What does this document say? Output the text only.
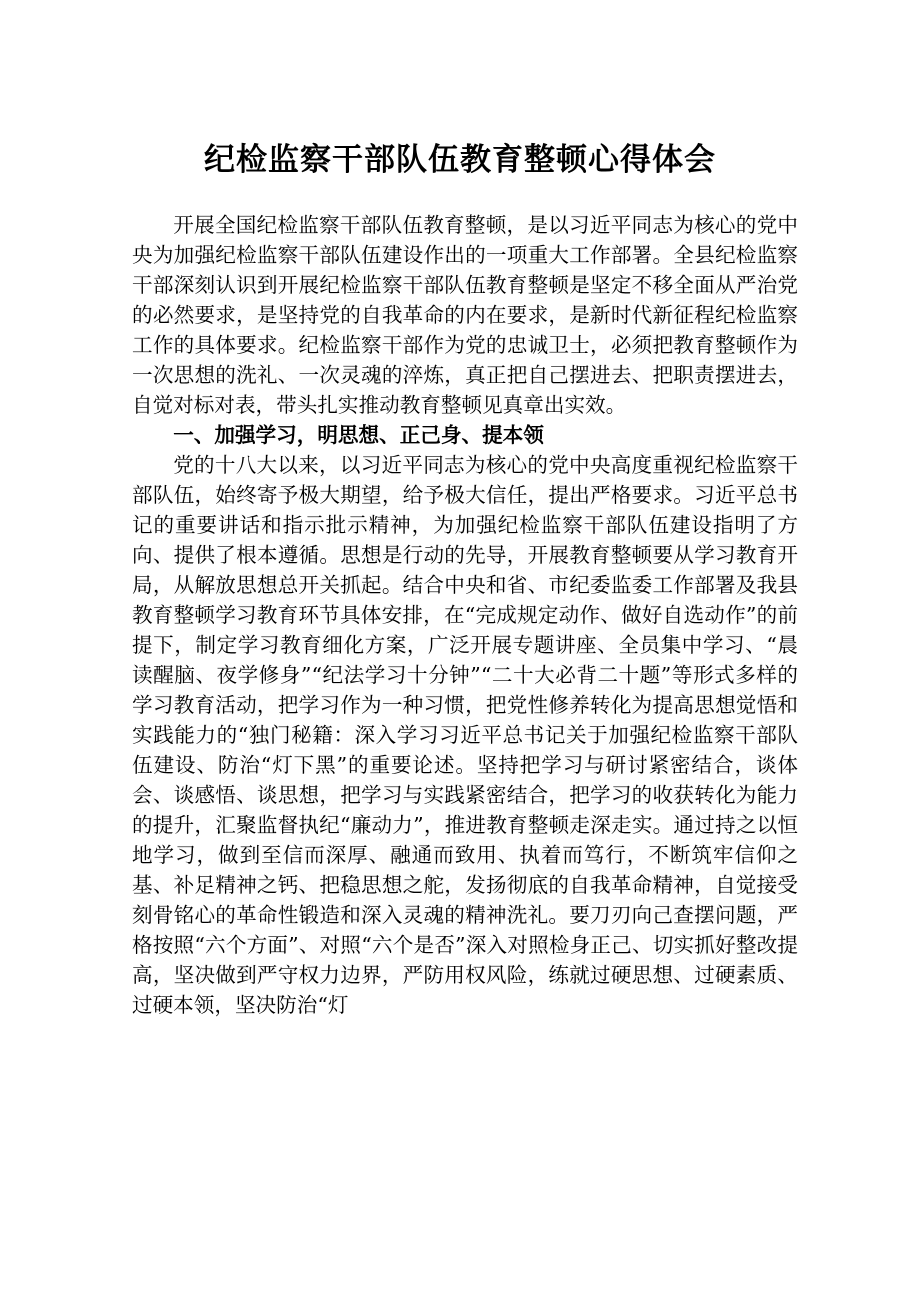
纪检监察干部队伍教育整顿心得体会

开展全国纪检监察干部队伍教育整顿，是以习近平同志为核心的党中央为加强纪检监察干部队伍建设作出的一项重大工作部署。全县纪检监察干部深刻认识到开展纪检监察干部队伍教育整顿是坚定不移全面从严治党的必然要求，是坚持党的自我革命的内在要求，是新时代新征程纪检监察工作的具体要求。纪检监察干部作为党的忠诚卫士，必须把教育整顿作为一次思想的洗礼、一次灵魂的淬炼，真正把自己摆进去、把职责摆进去，自觉对标对表，带头扎实推动教育整顿见真章出实效。

一、加强学习，明思想、正己身、提本领

党的十八大以来，以习近平同志为核心的党中央高度重视纪检监察干部队伍，始终寄予极大期望，给予极大信任，提出严格要求。习近平总书记的重要讲话和指示批示精神，为加强纪检监察干部队伍建设指明了方向、提供了根本遵循。思想是行动的先导，开展教育整顿要从学习教育开局，从解放思想总开关抓起。结合中央和省、市纪委监委工作部署及我县教育整顿学习教育环节具体安排，在“完成规定动作、做好自选动作”的前提下，制定学习教育细化方案，广泛开展专题讲座、全员集中学习、“晨读醒脑、夜学修身”“纪法学习十分钟”“二十大必背二十题”等形式多样的学习教育活动，把学习作为一种习惯，把党性修养转化为提高思想觉悟和实践能力的“独门秘籍：深入学习习近平总书记关于加强纪检监察干部队伍建设、防治“灯下黑”的重要论述。坚持把学习与研讨紧密结合，谈体会、谈感悟、谈思想，把学习与实践紧密结合，把学习的收获转化为能力的提升，汇聚监督执纪“廉动力”，推进教育整顿走深走实。通过持之以恒地学习，做到至信而深厚、融通而致用、执着而笃行，不断筑牢信仰之基、补足精神之钙、把稳思想之舵，发扬彻底的自我革命精神，自觉接受刻骨铭心的革命性锻造和深入灵魂的精神洗礼。要刀刃向己查摆问题，严格按照“六个方面”、对照“六个是否”深入对照检身正己、切实抓好整改提高，坚决做到严守权力边界，严防用权风险，练就过硬思想、过硬素质、过硬本领，坚决防治“灯
